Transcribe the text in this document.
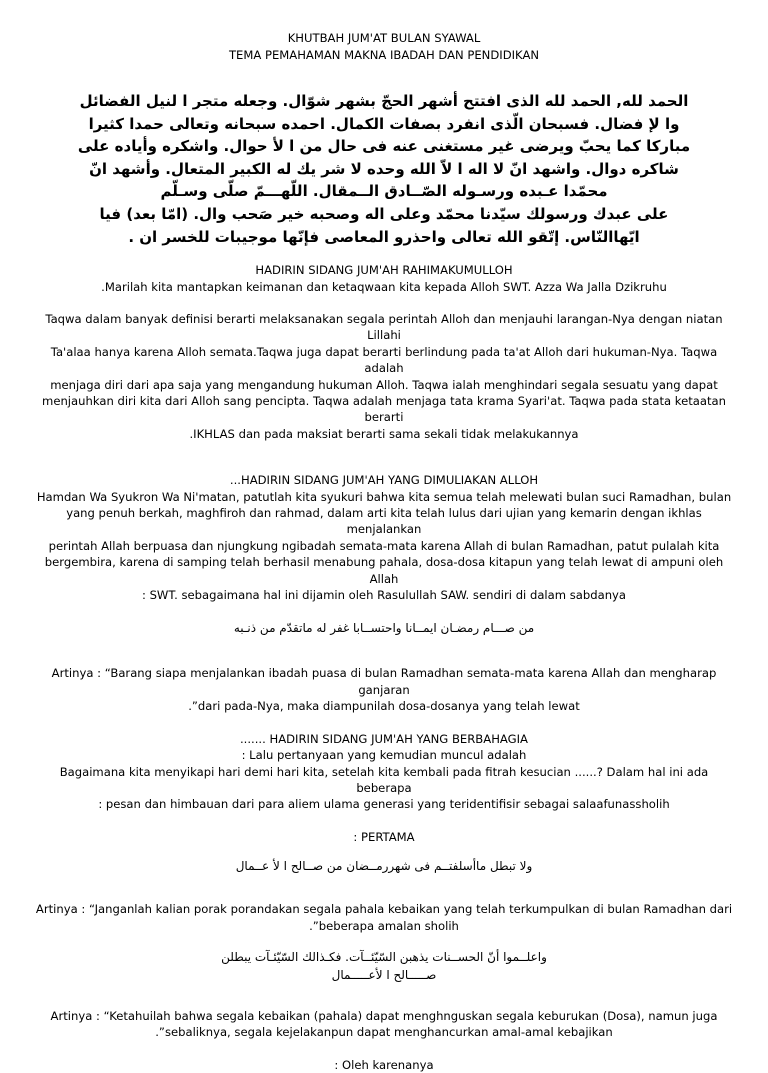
KHUTBAH JUM'AT BULAN SYAWAL

TEMA PEMAHAMAN MAKNA IBADAH DAN PENDIDIKAN

الحمد لله, الحمد لله الذى افتتح أشهر الحجّ بشهر شوّال. وجعله متجر ا لنيل الفضائل

وا لإ فضال. فسبحان الّذى انفرد بصفات الكمال. احمده سبحانه وتعالى حمدا كثيرا

مباركا كما يحبّ ويرضى غير مستغنى عنه فى حال من ا لأ حوال. واشكره وأياده على

شاكره دوال. واشهد انّ لا اله ا لاّ الله وحده لا شر يك له الكبير المتعال. وأشهد انّ

محمّدا عـبده ورسـوله الصّــادق الــمقال. اللّهـــمّ صلّى وسـلّم

على عبدك ورسولك سيّدنا محمّد وعلى اله وصحبه خير صَحب وال. (امّا بعد) فيا

ايّهاالنّاس. إتّقو الله تعالى واحذرو المعاصى فإنّها موجيبات للخسر ان .

HADIRIN SIDANG JUM'AH RAHIMAKUMULLOH

.Marilah kita mantapkan keimanan dan ketaqwaan kita kepada Alloh SWT. Azza Wa Jalla Dzikruhu

Taqwa dalam banyak definisi berarti melaksanakan segala perintah Alloh dan menjauhi larangan-Nya dengan niatan Lillahi

Ta'alaa hanya karena Alloh semata.Taqwa juga dapat berarti berlindung pada ta'at Alloh dari hukuman-Nya. Taqwa adalah

menjaga diri dari apa saja yang mengandung hukuman Alloh. Taqwa ialah menghindari segala sesuatu yang dapat

menjauhkan diri kita dari Alloh sang pencipta. Taqwa adalah menjaga tata krama Syari'at. Taqwa pada stata ketaatan berarti

.IKHLAS dan pada maksiat berarti sama sekali tidak melakukannya

...HADIRIN SIDANG JUM'AH YANG DIMULIAKAN ALLOH

Hamdan Wa Syukron Wa Ni'matan, patutlah kita syukuri bahwa kita semua telah melewati bulan suci Ramadhan, bulan

yang penuh berkah, maghfiroh dan rahmad, dalam arti kita telah lulus dari ujian yang kemarin dengan ikhlas menjalankan

perintah Allah berpuasa dan njungkung ngibadah semata-mata karena Allah di bulan Ramadhan, patut pulalah kita

bergembira, karena di samping telah berhasil menabung pahala, dosa-dosa kitapun yang telah lewat di ampuni oleh Allah

: SWT. sebagaimana hal ini dijamin oleh Rasulullah SAW. sendiri di dalam sabdanya

من صـــام رمضـان ايمــانا واحتســابا غفر له ماتقدّم من ذنـبه

Artinya : “Barang siapa menjalankan ibadah puasa di bulan Ramadhan semata-mata karena Allah dan mengharap ganjaran

.”dari pada-Nya, maka diampunilah dosa-dosanya yang telah lewat

....... HADIRIN SIDANG JUM'AH YANG BERBAHAGIA

: Lalu pertanyaan yang kemudian muncul adalah

Bagaimana kita menyikapi hari demi hari kita, setelah kita kembali pada fitrah kesucian ......? Dalam hal ini ada beberapa

: pesan dan himbauan dari para aliem ulama generasi yang teridentifisir sebagai salaafunassholih

: PERTAMA

ولا تبطل ماأسلفتــم فى شهررمــضان من صــالح ا لأ عــمال

Artinya : “Janganlah kalian porak porandakan segala pahala kebaikan yang telah terkumpulkan di bulan Ramadhan dari

.”beberapa amalan sholih

واعلــموا أنّ الحســنات يذهبن السّيّئــآت. فكـذالك السّيّئـآت يبطلن

صـــــالح ا لأعـــــمال

Artinya : “Ketahuilah bahwa segala kebaikan (pahala) dapat menghnguskan segala keburukan (Dosa), namun juga

.”sebaliknya, segala kejelakanpun dapat menghancurkan amal-amal kebajikan

: Oleh karenanya
